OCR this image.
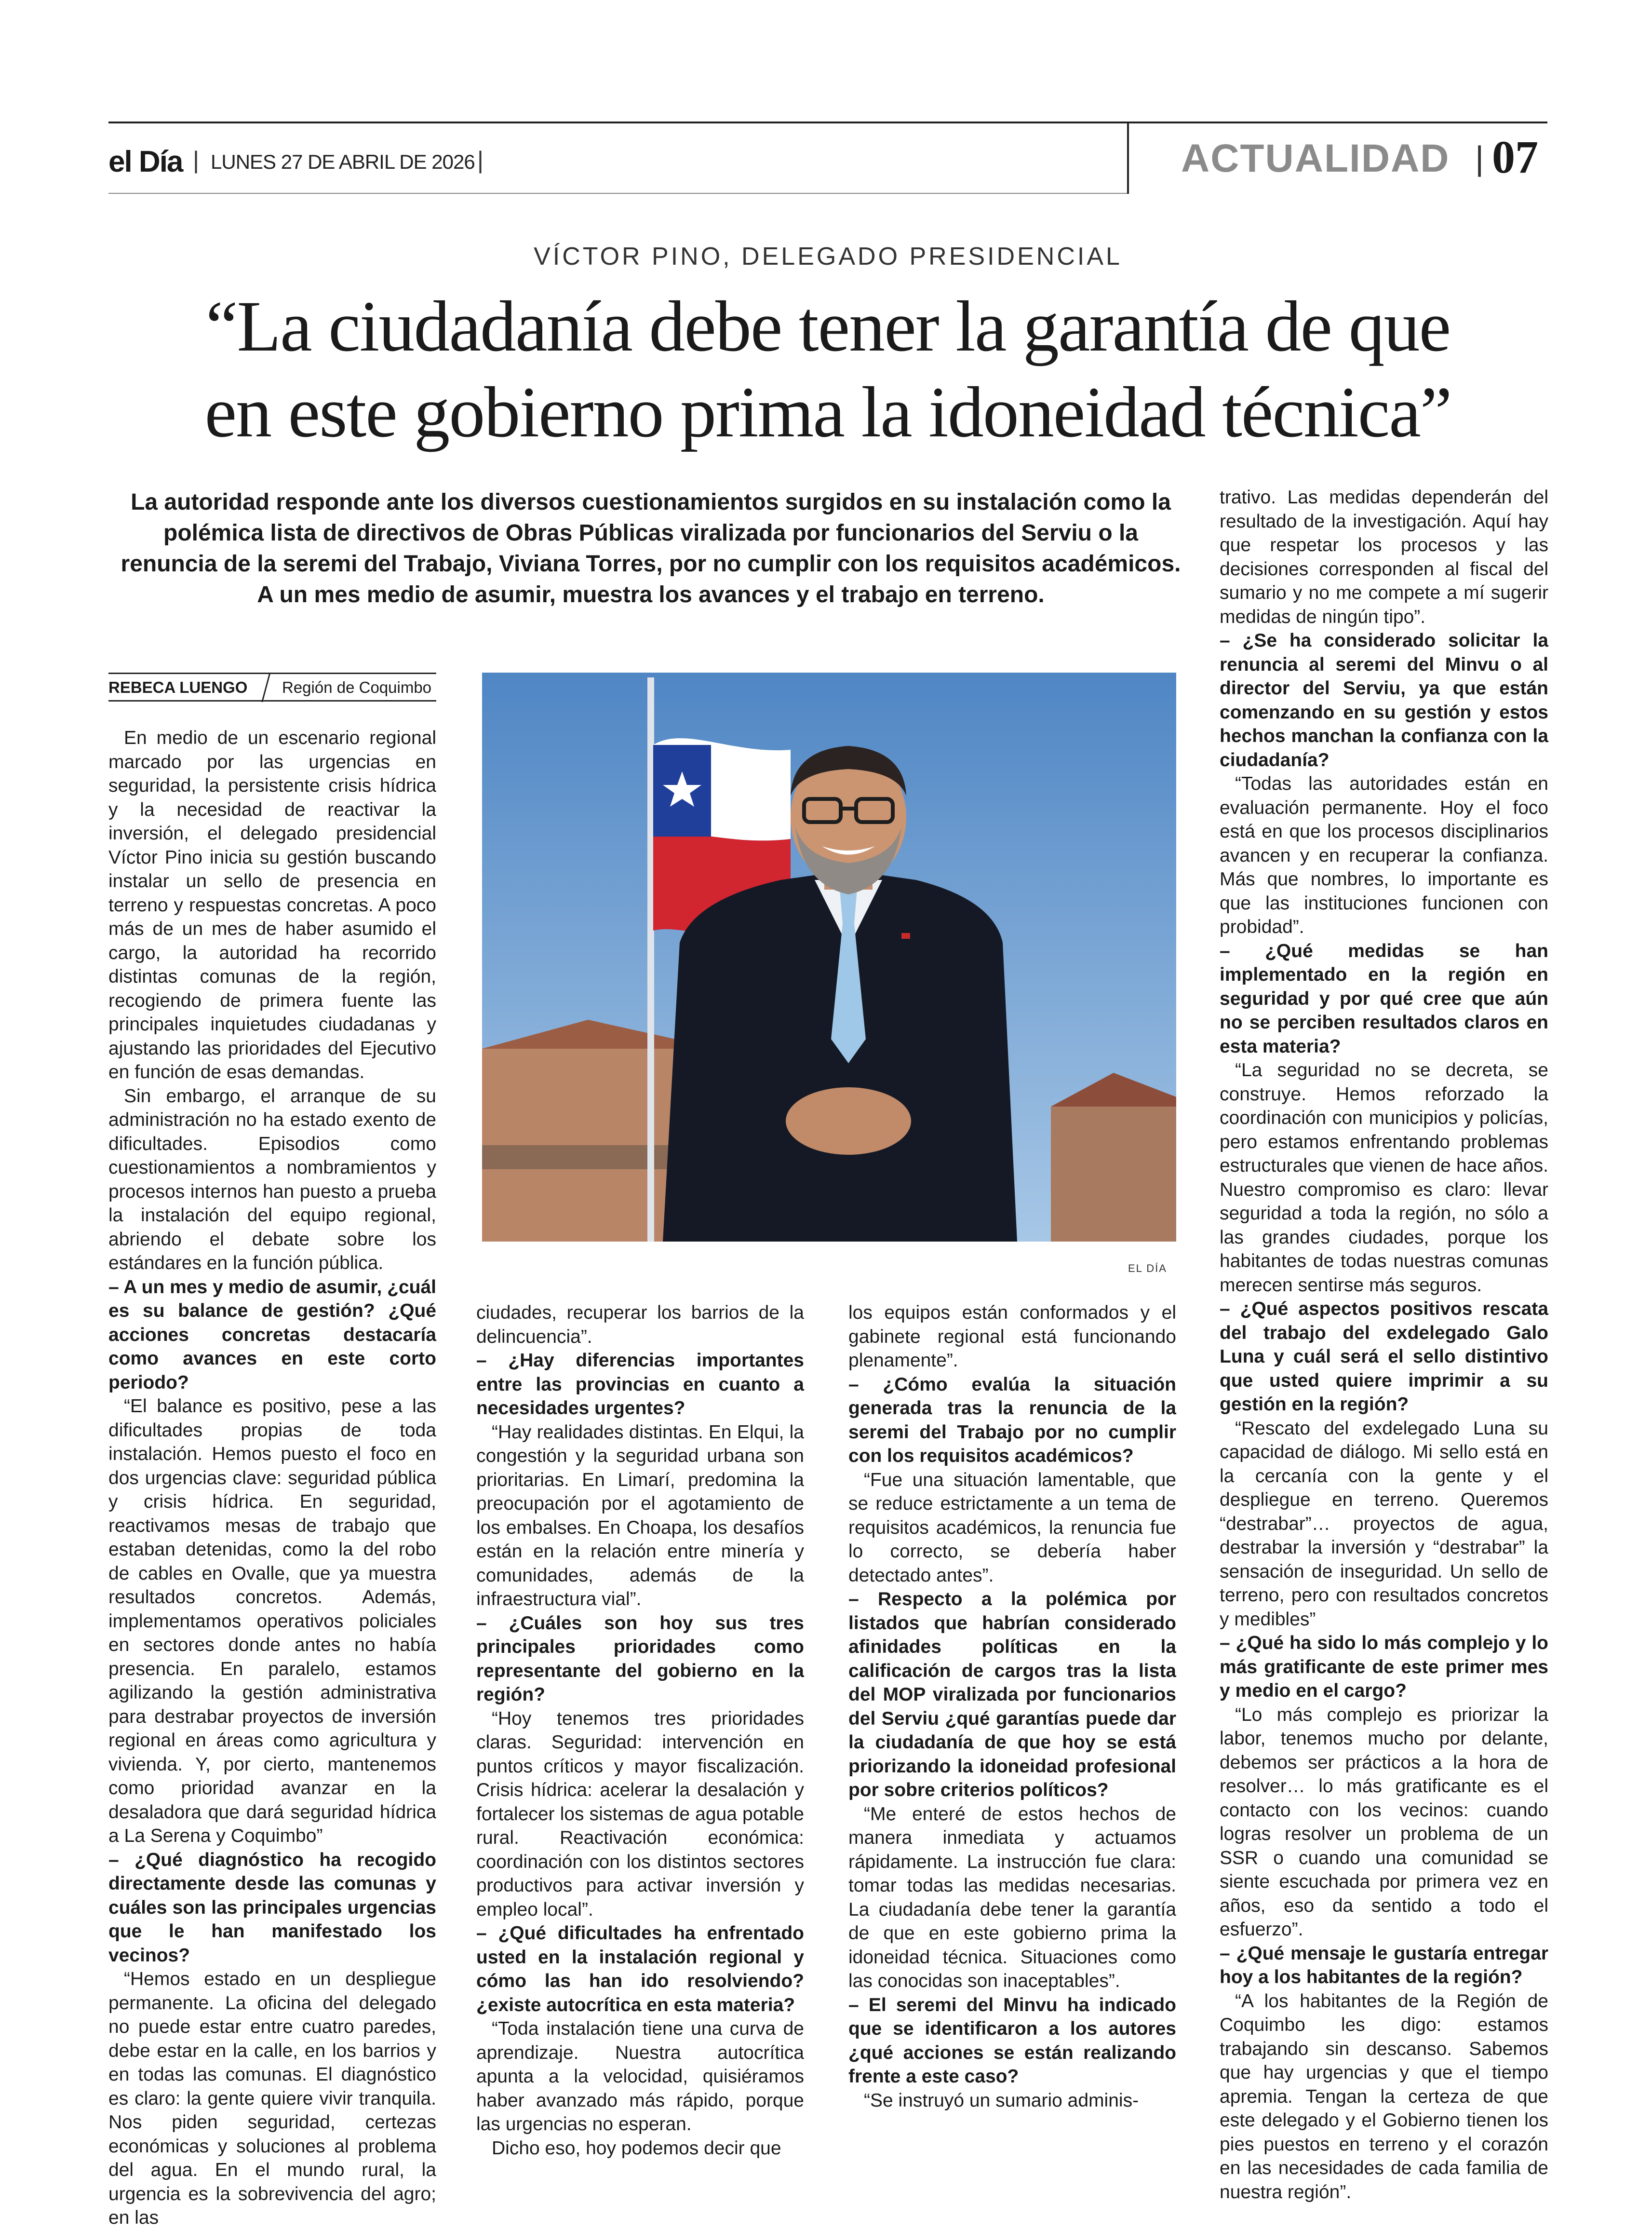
el Día | LUNES 27 DE ABRIL DE 2026 |	ACTUALIDAD | 07
VÍCTOR PINO, DELEGADO PRESIDENCIAL
“La ciudadanía debe tener la garantía de que
en este gobierno prima la idoneidad técnica”
La autoridad responde ante los diversos cuestionamientos surgidos en su instalación como la polémica lista de directivos de Obras Públicas viralizada por funcionarios del Serviu o la renuncia de la seremi del Trabajo, Viviana Torres, por no cumplir con los requisitos académicos. A un mes medio de asumir, muestra los avances y el trabajo en terreno.
REBECA LUENGO Región de Coquimbo
EL DÍA

En medio de un escenario regional marcado por las urgencias en seguridad, la persistente crisis hídrica y la necesidad de reactivar la inversión, el delegado presidencial Víctor Pino inicia su gestión buscando instalar un sello de presencia en terreno y respuestas concretas. A poco más de un mes de haber asumido el cargo, la autoridad ha recorrido distintas comunas de la región, recogiendo de primera fuente las principales inquietudes ciudadanas y ajustando las prioridades del Ejecutivo en función de esas demandas.

Sin embargo, el arranque de su administración no ha estado exento de dificultades. Episodios como cuestionamientos a nombramientos y procesos internos han puesto a prueba la instalación del equipo regional, abriendo el debate sobre los estándares en la función pública.

– A un mes y medio de asumir, ¿cuál es su balance de gestión? ¿Qué acciones concretas destacaría como avances en este corto periodo?

“El balance es positivo, pese a las dificultades propias de toda instalación. Hemos puesto el foco en dos urgencias clave: seguridad pública y crisis hídrica. En seguridad, reactivamos mesas de trabajo que estaban detenidas, como la del robo de cables en Ovalle, que ya muestra resultados concretos. Además, implementamos operativos policiales en sectores donde antes no había presencia. En paralelo, estamos agilizando la gestión administrativa para destrabar proyectos de inversión regional en áreas como agricultura y vivienda. Y, por cierto, mantenemos como prioridad avanzar en la desaladora que dará seguridad hídrica a La Serena y Coquimbo”

– ¿Qué diagnóstico ha recogido directamente desde las comunas y cuáles son las principales urgencias que le han manifestado los vecinos?

“Hemos estado en un despliegue permanente. La oficina del delegado no puede estar entre cuatro paredes, debe estar en la calle, en los barrios y en todas las comunas. El diagnóstico es claro: la gente quiere vivir tranquila. Nos piden seguridad, certezas económicas y soluciones al problema del agua. En el mundo rural, la urgencia es la sobrevivencia del agro; en las

ciudades, recuperar los barrios de la delincuencia”.

– ¿Hay diferencias importantes entre las provincias en cuanto a necesidades urgentes?

“Hay realidades distintas. En Elqui, la congestión y la seguridad urbana son prioritarias. En Limarí, predomina la preocupación por el agotamiento de los embalses. En Choapa, los desafíos están en la relación entre minería y comunidades, además de la infraestructura vial”.

– ¿Cuáles son hoy sus tres principales prioridades como representante del gobierno en la región?

“Hoy tenemos tres prioridades claras. Seguridad: intervención en puntos críticos y mayor fiscalización. Crisis hídrica: acelerar la desalación y fortalecer los sistemas de agua potable rural. Reactivación económica: coordinación con los distintos sectores productivos para activar inversión y empleo local”.

– ¿Qué dificultades ha enfrentado usted en la instalación regional y cómo las han ido resolviendo? ¿existe autocrítica en esta materia?

“Toda instalación tiene una curva de aprendizaje. Nuestra autocrítica apunta a la velocidad, quisiéramos haber avanzado más rápido, porque las urgencias no esperan.

Dicho eso, hoy podemos decir que

los equipos están conformados y el gabinete regional está funcionando plenamente”.

– ¿Cómo evalúa la situación generada tras la renuncia de la seremi del Trabajo por no cumplir con los requisitos académicos?

“Fue una situación lamentable, que se reduce estrictamente a un tema de requisitos académicos, la renuncia fue lo correcto, se debería haber detectado antes”.

– Respecto a la polémica por listados que habrían considerado afinidades políticas en la calificación de cargos tras la lista del MOP viralizada por funcionarios del Serviu ¿qué garantías puede dar la ciudadanía de que hoy se está priorizando la idoneidad profesional por sobre criterios políticos?

“Me enteré de estos hechos de manera inmediata y actuamos rápidamente. La instrucción fue clara: tomar todas las medidas necesarias. La ciudadanía debe tener la garantía de que en este gobierno prima la idoneidad técnica. Situaciones como las conocidas son inaceptables”.

– El seremi del Minvu ha indicado que se identificaron a los autores ¿qué acciones se están realizando frente a este caso?

“Se instruyó un sumario adminis-

trativo. Las medidas dependerán del resultado de la investigación. Aquí hay que respetar los procesos y las decisiones corresponden al fiscal del sumario y no me compete a mí sugerir medidas de ningún tipo”.

– ¿Se ha considerado solicitar la renuncia al seremi del Minvu o al director del Serviu, ya que están comenzando en su gestión y estos hechos manchan la confianza con la ciudadanía?

“Todas las autoridades están en evaluación permanente. Hoy el foco está en que los procesos disciplinarios avancen y en recuperar la confianza. Más que nombres, lo importante es que las instituciones funcionen con probidad”.

– ¿Qué medidas se han implementado en la región en seguridad y por qué cree que aún no se perciben resultados claros en esta materia?

“La seguridad no se decreta, se construye. Hemos reforzado la coordinación con municipios y policías, pero estamos enfrentando problemas estructurales que vienen de hace años. Nuestro compromiso es claro: llevar seguridad a toda la región, no sólo a las grandes ciudades, porque los habitantes de todas nuestras comunas merecen sentirse más seguros.

– ¿Qué aspectos positivos rescata del trabajo del exdelegado Galo Luna y cuál será el sello distintivo que usted quiere imprimir a su gestión en la región?

“Rescato del exdelegado Luna su capacidad de diálogo. Mi sello está en la cercanía con la gente y el despliegue en terreno. Queremos “destrabar”… proyectos de agua, destrabar la inversión y “destrabar” la sensación de inseguridad. Un sello de terreno, pero con resultados concretos y medibles”

– ¿Qué ha sido lo más complejo y lo más gratificante de este primer mes y medio en el cargo?

“Lo más complejo es priorizar la labor, tenemos mucho por delante, debemos ser prácticos a la hora de resolver… lo más gratificante es el contacto con los vecinos: cuando logras resolver un problema de un SSR o cuando una comunidad se siente escuchada por primera vez en años, eso da sentido a todo el esfuerzo”.

– ¿Qué mensaje le gustaría entregar hoy a los habitantes de la región?

“A los habitantes de la Región de Coquimbo les digo: estamos trabajando sin descanso. Sabemos que hay urgencias y que el tiempo apremia. Tengan la certeza de que este delegado y el Gobierno tienen los pies puestos en terreno y el corazón en las necesidades de cada familia de nuestra región”.
